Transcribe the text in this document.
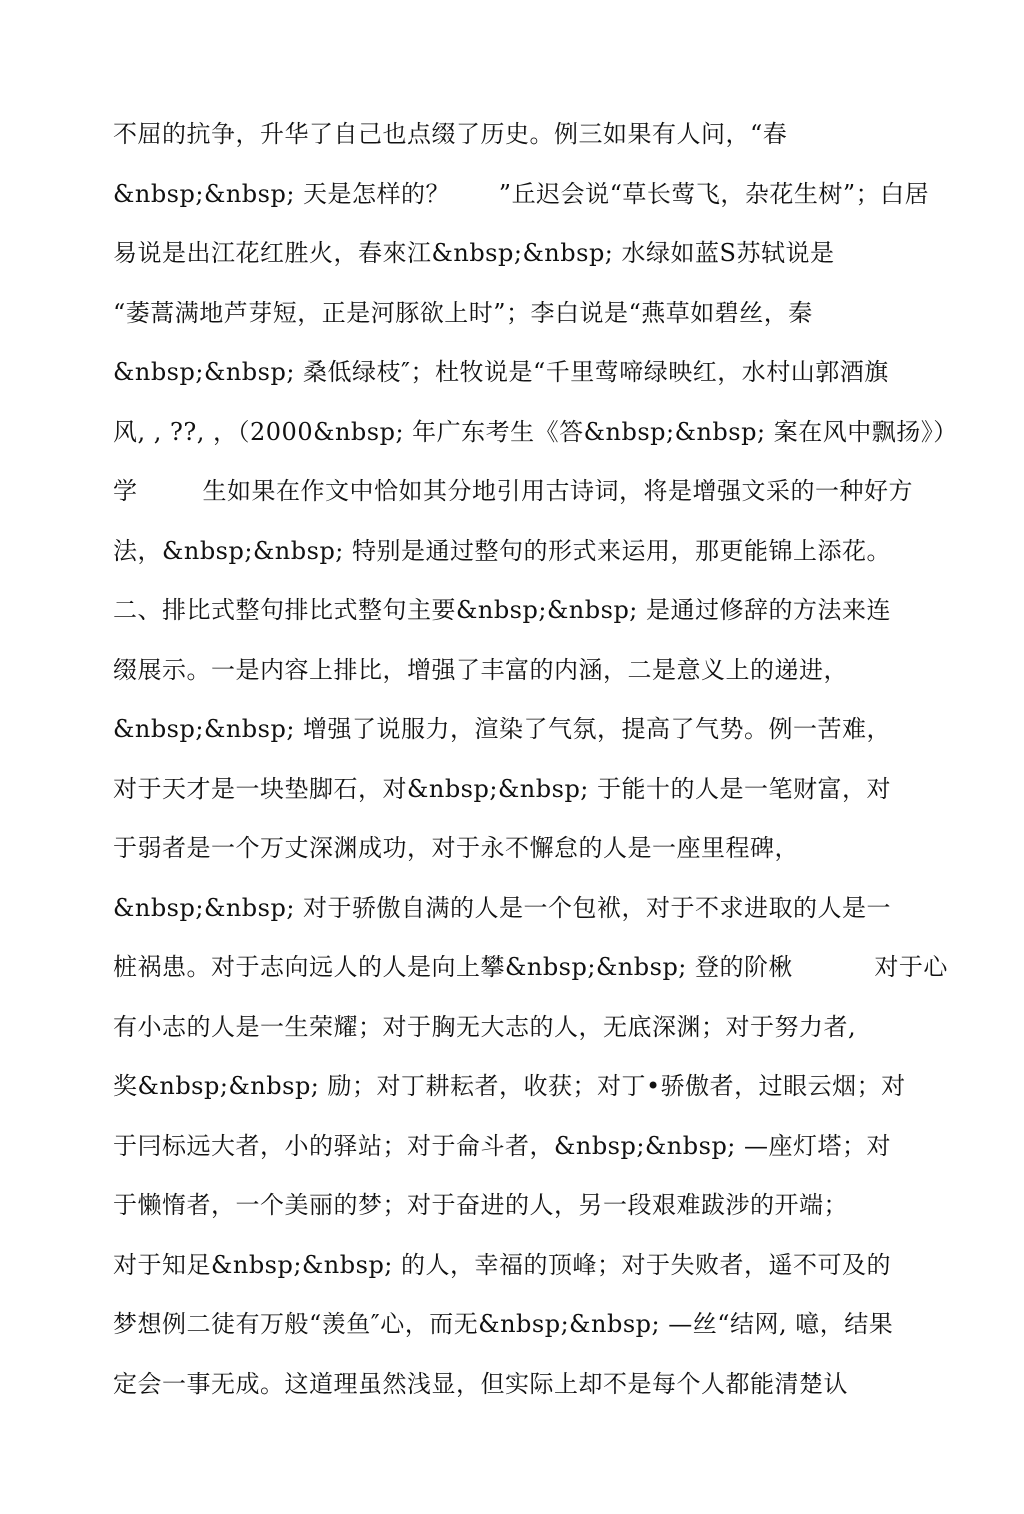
不屈的抗争，升华了自己也点缀了历史。例三如果有人问，“春
&nbsp;&nbsp; 天是怎样的？      ”丘迟会说“草长莺飞，杂花生树”；白居
易说是出江花红胜火，春來江&nbsp;&nbsp; 水绿如蓝S苏轼说是
“萎蒿满地芦芽短，正是河豚欲上时”；李白说是“燕草如碧丝，秦
&nbsp;&nbsp; 桑低绿枝″；杜牧说是“千里莺啼绿映红，水村山郭酒旗
风, , ??, ，（2000&nbsp; 年广东考生《答&nbsp;&nbsp; 案在风中飘扬》）
学        生如果在作文中恰如其分地引用古诗词，将是增强文采的一种好方
法，&nbsp;&nbsp; 特别是通过整句的形式来运用，那更能锦上添花。
二、排比式整句排比式整句主要&nbsp;&nbsp; 是通过修辞的方法来连
缀展示。一是内容上排比，增强了丰富的内涵，二是意义上的递进，
&nbsp;&nbsp; 增强了说服力，渲染了气氛，提高了气势。例一苦难，
对于天才是一块垫脚石，对&nbsp;&nbsp; 于能十的人是一笔财富，对
于弱者是一个万丈深渊成功，对于永不懈怠的人是一座里程碑，
&nbsp;&nbsp; 对于骄傲自满的人是一个包袱，对于不求进取的人是一
桩祸患。对于志向远人的人是向上攀&nbsp;&nbsp; 登的阶楸          对于心
有小志的人是一生荣耀；对于胸无大志的人，无底深渊；对于努力者,
奖&nbsp;&nbsp; 励；对丁耕耘者，收获；对丁•骄傲者，过眼云烟；对
于冃标远大者，小的驿站；对于侖斗者，&nbsp;&nbsp; —座灯塔；对
于懒惰者，一个美丽的梦；对于奋进的人，另一段艰难跋涉的开端；
对于知足&nbsp;&nbsp; 的人，幸福的顶峰；对于失败者，遥不可及的
梦想例二徒有万般“羡鱼″心，而无&nbsp;&nbsp; —丝“结网, 噫，结果
定会一事无成。这道理虽然浅显，但实际上却不是每个人都能清楚认
